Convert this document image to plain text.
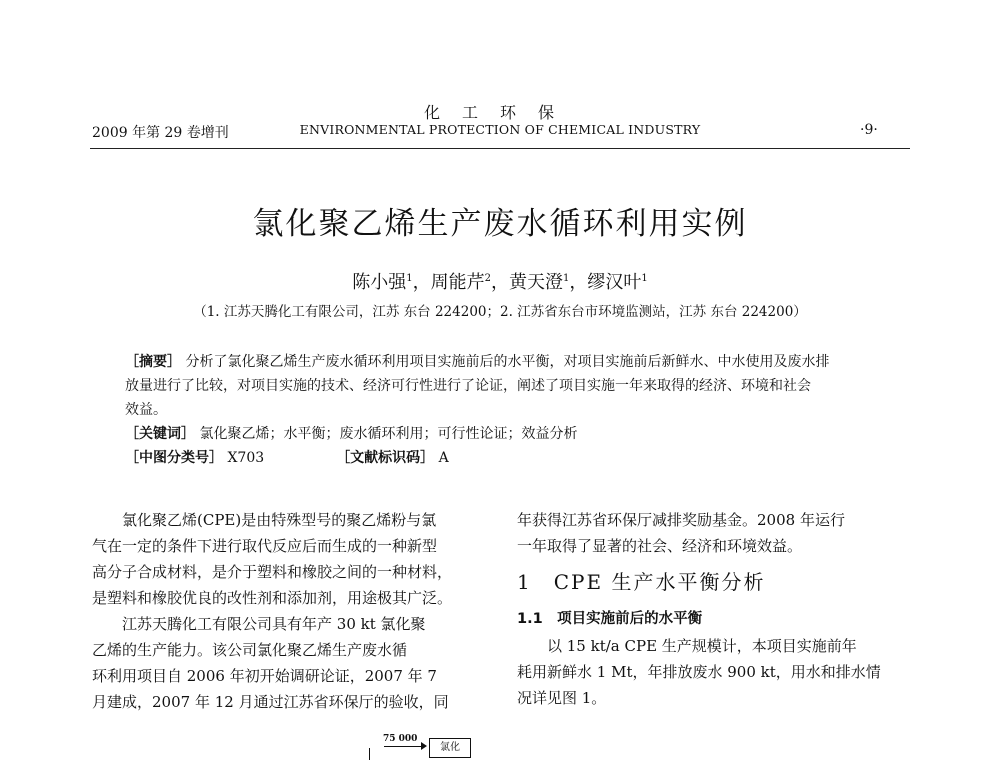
化工环保
2009 年第 29 卷增刊	ENVIRONMENTAL PROTECTION OF CHEMICAL INDUSTRY	·9·
氯化聚乙烯生产废水循环利用实例
陈小强$^1$，周能芹$^2$，黄天澄$^1$，缪汉叶$^1$
（1. 江苏天腾化工有限公司，江苏 东台 224200；2. 江苏省东台市环境监测站，江苏 东台 224200）
［摘要］ 分析了氯化聚乙烯生产废水循环利用项目实施前后的水平衡，对项目实施前后新鲜水、中水使用及废水排
放量进行了比较，对项目实施的技术、经济可行性进行了论证，阐述了项目实施一年来取得的经济、环境和社会
效益。
［关键词］ 氯化聚乙烯；水平衡；废水循环利用；可行性论证；效益分析
［中图分类号］ X703	［文献标识码］ A
氯化聚乙烯(CPE)是由特殊型号的聚乙烯粉与氯
气在一定的条件下进行取代反应后而生成的一种新型
高分子合成材料，是介于塑料和橡胶之间的一种材料，
是塑料和橡胶优良的改性剂和添加剂，用途极其广泛。
江苏天腾化工有限公司具有年产 30 kt 氯化聚
乙烯的生产能力。该公司氯化聚乙烯生产废水循
环利用项目自 2006 年初开始调研论证，2007 年 7
月建成，2007 年 12 月通过江苏省环保厅的验收，同
年获得江苏省环保厅减排奖励基金。2008 年运行
一年取得了显著的社会、经济和环境效益。
1　CPE 生产水平衡分析
1.1　项目实施前后的水平衡
以 15 kt/a CPE 生产规模计，本项目实施前年
耗用新鲜水 1 Mt，年排放废水 900 kt，用水和排水情
况详见图 1。
75 000
氯化
